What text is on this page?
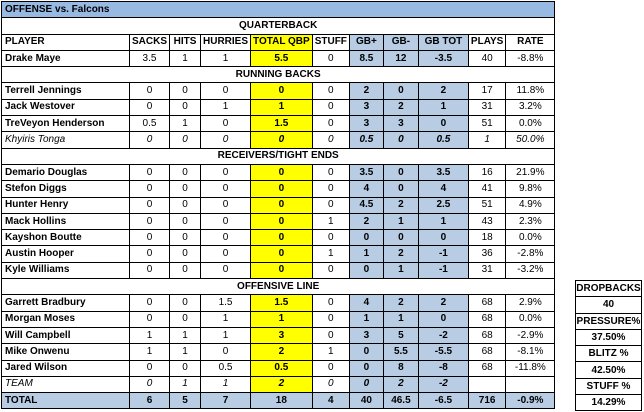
OFFENSE vs. Falcons											
QUARTERBACK											
PLAYER	SACKS	HITS	HURRIES	TOTAL QBP	STUFF	GB+	GB-	GB TOT	PLAYS	RATE	
Drake Maye	3.5	1	1	5.5	0	8.5	12	-3.5	40	-8.8%	
RUNNING BACKS											
Terrell Jennings	0	0	0	0	0	2	0	2	17	11.8%	
Jack Westover	0	0	1	1	0	3	2	1	31	3.2%	
TreVeyon Henderson	0.5	1	0	1.5	0	3	3	0	51	0.0%	
Khyiris Tonga	0	0	0	0	0	0.5	0	0.5	1	50.0%	
RECEIVERS/TIGHT ENDS											
Demario Douglas	0	0	0	0	0	3.5	0	3.5	16	21.9%	
Stefon Diggs	0	0	0	0	0	4	0	4	41	9.8%	
Hunter Henry	0	0	0	0	0	4.5	2	2.5	51	4.9%	
Mack Hollins	0	0	0	0	1	2	1	1	43	2.3%	
Kayshon Boutte	0	0	0	0	0	0	0	0	18	0.0%	
Austin Hooper	0	0	0	0	1	1	2	-1	36	-2.8%	
Kyle Williams	0	0	0	0	0	0	1	-1	31	-3.2%	
OFFENSIVE LINE											
Garrett Bradbury	0	0	1.5	1.5	0	4	2	2	68	2.9%	
Morgan Moses	0	0	1	1	0	1	1	0	68	0.0%	
Will Campbell	1	1	1	3	0	3	5	-2	68	-2.9%	
Mike Onwenu	1	1	0	2	1	0	5.5	-5.5	68	-8.1%	
Jared Wilson	0	0	0.5	0.5	0	0	8	-8	68	-11.8%	
TEAM	0	1	1	2	0	0	2	-2			
TOTAL	6	5	7	18	4	40	46.5	-6.5	716	-0.9%	
DROPBACKS
40
PRESSURE%
37.50%
BLITZ %
42.50%
STUFF %
14.29%
